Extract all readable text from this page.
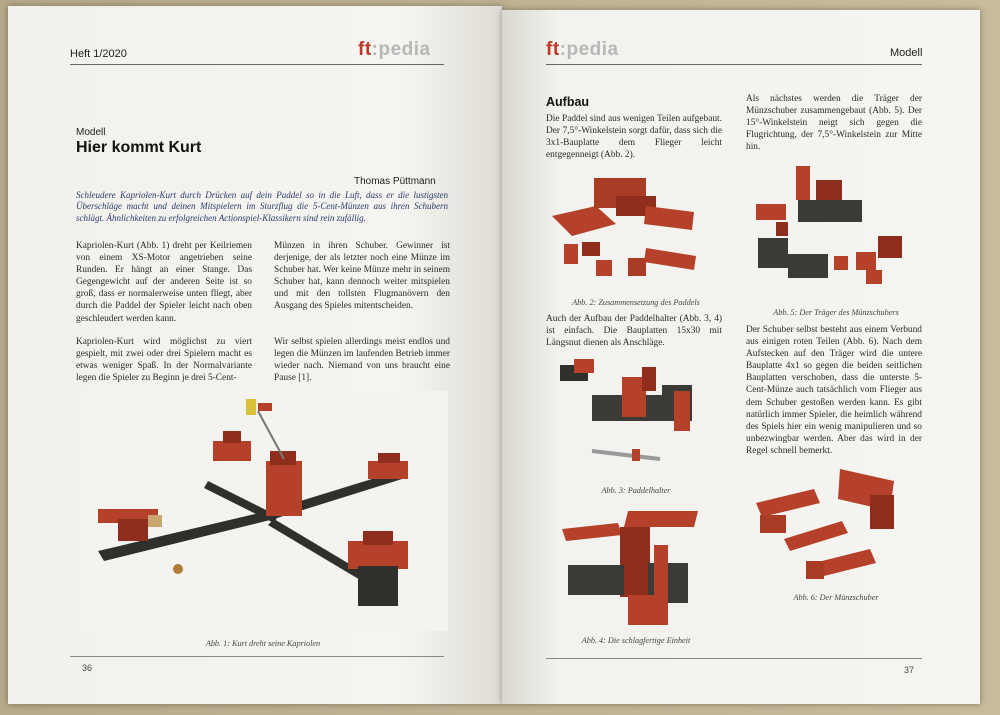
Heft 1/2020	ft:pedia
Modell
Hier kommt Kurt
Thomas Püttmann
Schleudere Kapriolen-Kurt durch Drücken auf dein Paddel so in die Luft, dass er die lustigsten Überschläge macht und deinen Mitspielern im Sturzflug die 5-Cent-Münzen aus ihren Schubern schlägt. Ähnlichkeiten zu erfolgreichen Actionspiel-Klassikern sind rein zufällig.
Kapriolen-Kurt (Abb. 1) dreht per Keilriemen von einem XS-Motor angetrieben seine Runden. Er hängt an einer Stange. Das Gegengewicht auf der anderen Seite ist so groß, dass er normalerweise unten fliegt, aber durch die Paddel der Spieler leicht nach oben geschleudert werden kann.
Kapriolen-Kurt wird möglichst zu viert gespielt, mit zwei oder drei Spielern macht es etwas weniger Spaß. In der Normalvariante legen die Spieler zu Beginn je drei 5-Cent-
Münzen in ihren Schuber. Gewinner ist derjenige, der als letzter noch eine Münze im Schuber hat. Wer keine Münze mehr in seinem Schuber hat, kann dennoch weiter mitspielen und mit den tollsten Flugmanövern den Ausgang des Spieles mitentscheiden.
Wir selbst spielen allerdings meist endlos und legen die Münzen im laufenden Betrieb immer wieder nach. Niemand von uns braucht eine Pause [1].
Abb. 1: Kurt dreht seine Kapriolen
36
ft:pedia	Modell
Aufbau
Die Paddel sind aus wenigen Teilen aufgebaut. Der 7,5°-Winkelstein sorgt dafür, dass sich die 3x1-Bauplatte dem Flieger leicht entgegenneigt (Abb. 2).
Abb. 2: Zusammensetzung des Paddels
Auch der Aufbau der Paddelhalter (Abb. 3, 4) ist einfach. Die Bauplatten 15x30 mit Längsnut dienen als Anschläge.
Abb. 3: Paddelhalter
Abb. 4: Die schlagfertige Einheit
Als nächstes werden die Träger der Münzschuber zusammengebaut (Abb. 5). Der 15°-Winkelstein neigt sich gegen die Flugrichtung, der 7,5°-Winkelstein zur Mitte hin.
Abb. 5: Der Träger des Münzschubers
Der Schuber selbst besteht aus einem Verbund aus einigen roten Teilen (Abb. 6). Nach dem Aufstecken auf den Träger wird die untere Bauplatte 4x1 so gegen die beiden seitlichen Bauplatten verschoben, dass die unterste 5-Cent-Münze auch tatsächlich vom Flieger aus dem Schuber gestoßen werden kann. Es gibt natürlich immer Spieler, die heimlich während des Spiels hier ein wenig manipulieren und so unbezwingbar werden. Aber das wird in der Regel schnell bemerkt.
Abb. 6: Der Münzschuber
37
